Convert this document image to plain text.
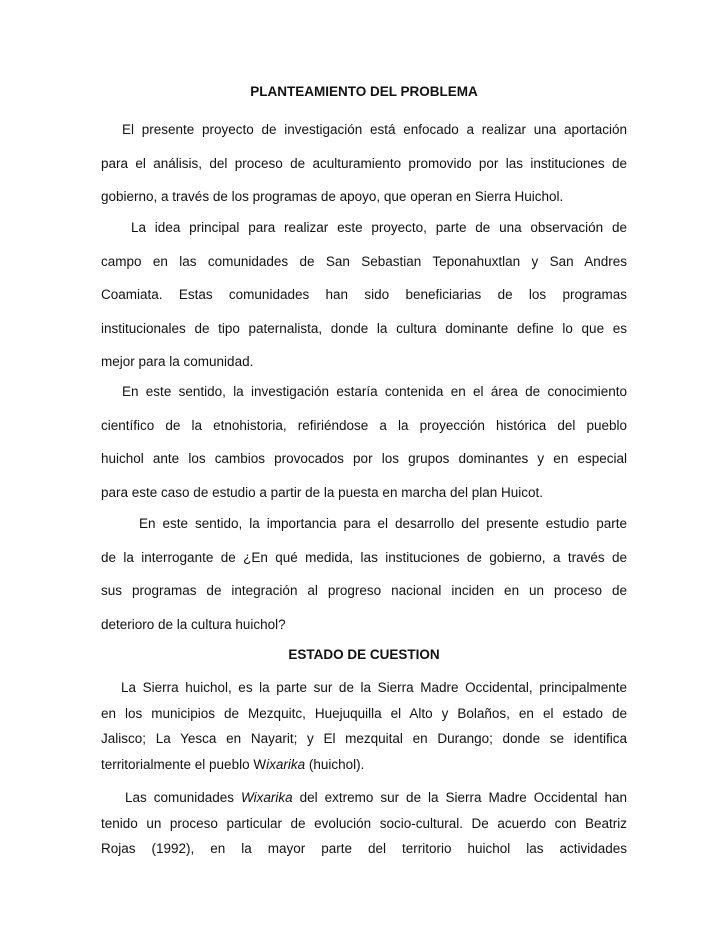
PLANTEAMIENTO DEL PROBLEMA
El presente proyecto de investigación está enfocado a realizar una aportación
para el análisis, del proceso de aculturamiento promovido por las instituciones de
gobierno, a través de los programas de apoyo, que operan en Sierra Huichol.
La idea principal para realizar este proyecto, parte de una observación de
campo en las comunidades de San Sebastian Teponahuxtlan y San Andres
Coamiata. Estas comunidades han sido beneficiarias de los programas
institucionales de tipo paternalista, donde la cultura dominante define lo que es
mejor para la comunidad.
En este sentido, la investigación estaría contenida en el área de conocimiento
científico de la etnohistoria, refiriéndose a la proyección histórica del pueblo
huichol ante los cambios provocados por los grupos dominantes y en especial
para este caso de estudio a partir de la puesta en marcha del plan Huicot.
En este sentido, la importancia para el desarrollo del presente estudio parte
de la interrogante de ¿En qué medida, las instituciones de gobierno, a través de
sus programas de integración al progreso nacional inciden en un proceso de
deterioro de la cultura huichol?
ESTADO DE CUESTION
La Sierra huichol, es la parte sur de la Sierra Madre Occidental, principalmente
en los municipios de Mezquitc, Huejuquilla el Alto y Bolaños, en el estado de
Jalisco; La Yesca en Nayarit; y El mezquital en Durango; donde se identifica
territorialmente el pueblo Wixarika (huichol).
Las comunidades Wixarika del extremo sur de la Sierra Madre Occidental han
tenido un proceso particular de evolución socio-cultural. De acuerdo con Beatriz
Rojas (1992), en la mayor parte del territorio huichol las actividades
